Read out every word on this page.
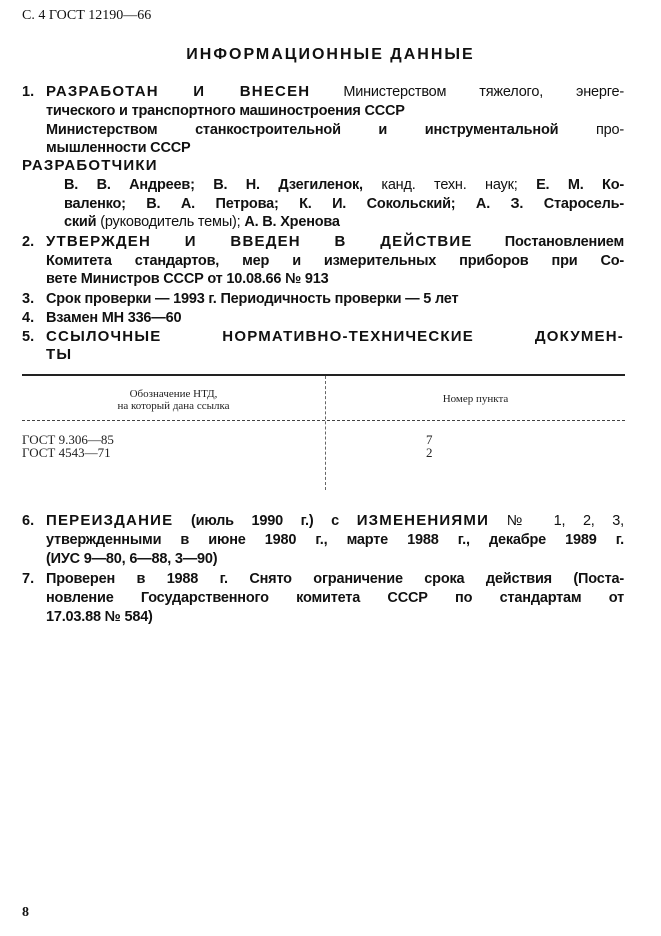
С. 4 ГОСТ 12190—66
ИНФОРМАЦИОННЫЕ ДАННЫЕ
1. РАЗРАБОТАН И ВНЕСЕН Министерством тяжелого, энерге-
тического и транспортного машиностроения СССР
Министерством станкостроительной и инструментальной	про-
мышленности СССР
РАЗРАБОТЧИКИ
В. В. Андреев; В. Н. Дзегиленок, канд. техн. наук; Е. М. Ко-
валенко; В. А. Петрова; К. И. Сокольский; А. З. Старосель-
ский (руководитель темы); А. В. Хренова
2. УТВЕРЖДЕН И ВВЕДЕН В ДЕЙСТВИЕ Постановлением
Комитета стандартов, мер и измерительных приборов при Со-
вете Министров СССР от 10.08.66 № 913
3. Срок проверки — 1993 г. Периодичность проверки — 5 лет
4. Взамен МН 336—60
5. ССЫЛОЧНЫЕ НОРМАТИВНО-ТЕХНИЧЕСКИЕ ДОКУМЕН-
ТЫ
Обозначение НТД,
на который дана ссылка
Номер пункта
ГОСТ 9.306—85	7
ГОСТ 4543—71	2
6. ПЕРЕИЗДАНИЕ (июль 1990 г.) с ИЗМЕНЕНИЯМИ № 1, 2, 3,
утвержденными в июне 1980 г., марте 1988 г., декабре 1989 г.
(ИУС 9—80, 6—88, 3—90)
7. Проверен в 1988 г. Снято ограничение срока действия (Поста-
новление Государственного комитета СССР по стандартам от
17.03.88 № 584)
8
